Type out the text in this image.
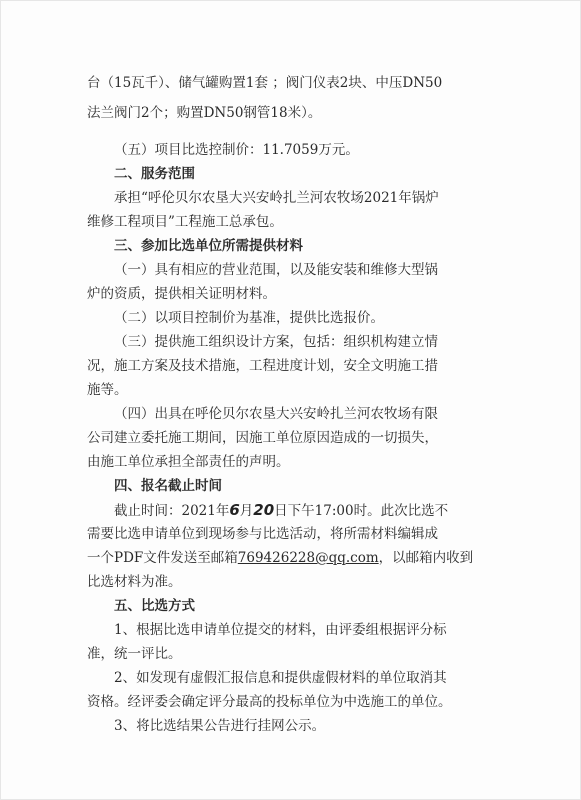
台（15瓦千）、储气罐购置1套 ；阀门仪表2块、中压DN50
法兰阀门2个；购置DN50钢管18米）。
（五）项目比选控制价：11.7059万元。
二、服务范围
承担“呼伦贝尔农垦大兴安岭扎兰河农牧场2021年锅炉
维修工程项目”工程施工总承包。
三、参加比选单位所需提供材料
（一）具有相应的营业范围，以及能安装和维修大型锅
炉的资质，提供相关证明材料。
（二）以项目控制价为基准，提供比选报价。
（三）提供施工组织设计方案，包括：组织机构建立情
况，施工方案及技术措施，工程进度计划，安全文明施工措
施等。
（四）出具在呼伦贝尔农垦大兴安岭扎兰河农牧场有限
公司建立委托施工期间，因施工单位原因造成的一切损失，
由施工单位承担全部责任的声明。
四、报名截止时间
截止时间：2021年6月20日下午17:00时。此次比选不
需要比选申请单位到现场参与比选活动，将所需材料编辑成
一个PDF文件发送至邮箱769426228@qq.com，以邮箱内收到
比选材料为准。
五、比选方式
1、根据比选申请单位提交的材料，由评委组根据评分标
准，统一评比。
2、如发现有虚假汇报信息和提供虚假材料的单位取消其
资格。经评委会确定评分最高的投标单位为中选施工的单位。
3、将比选结果公告进行挂网公示。
